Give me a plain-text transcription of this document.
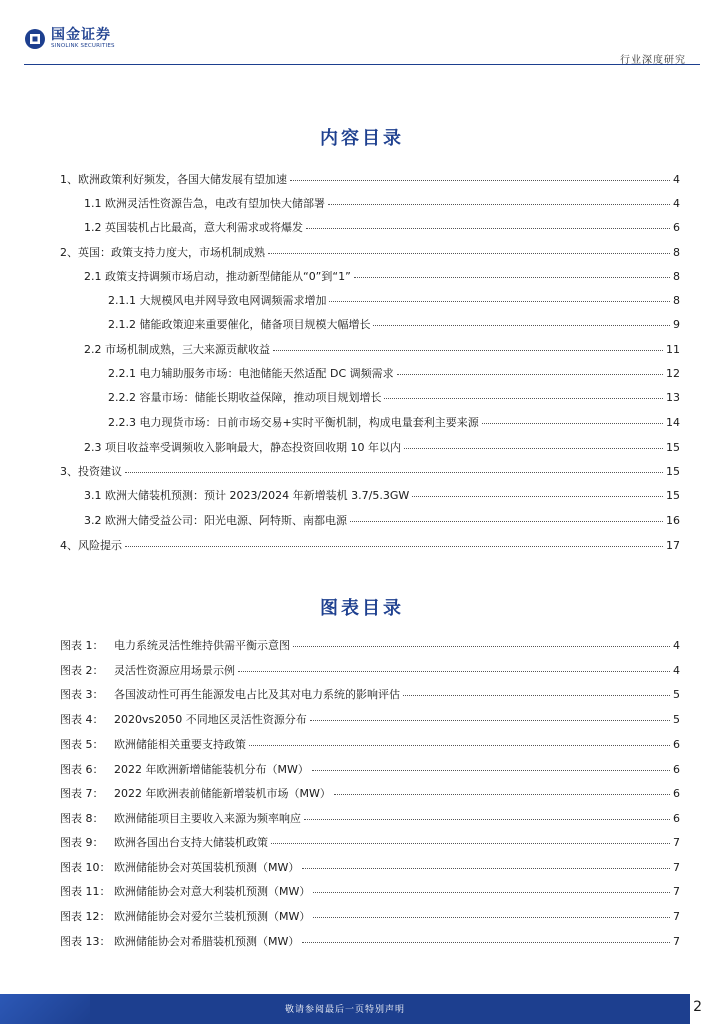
国金证券
SINOLINK SECURITIES
行业深度研究
内容目录
1、欧洲政策利好频发，各国大储发展有望加速	4
1.1 欧洲灵活性资源告急，电改有望加快大储部署	4
1.2 英国装机占比最高，意大利需求或将爆发	6
2、英国：政策支持力度大，市场机制成熟	8
2.1 政策支持调频市场启动，推动新型储能从“0”到“1”	8
2.1.1 大规模风电并网导致电网调频需求增加	8
2.1.2 储能政策迎来重要催化，储备项目规模大幅增长	9
2.2 市场机制成熟，三大来源贡献收益	11
2.2.1 电力辅助服务市场：电池储能天然适配 DC 调频需求	12
2.2.2 容量市场：储能长期收益保障，推动项目规划增长	13
2.2.3 电力现货市场：日前市场交易+实时平衡机制，构成电量套利主要来源	14
2.3 项目收益率受调频收入影响最大，静态投资回收期 10 年以内	15
3、投资建议	15
3.1 欧洲大储装机预测：预计 2023/2024 年新增装机 3.7/5.3GW	15
3.2 欧洲大储受益公司：阳光电源、阿特斯、南都电源	16
4、风险提示	17
图表目录
图表 1： 电力系统灵活性维持供需平衡示意图	4
图表 2： 灵活性资源应用场景示例	4
图表 3： 各国波动性可再生能源发电占比及其对电力系统的影响评估	5
图表 4： 2020vs2050 不同地区灵活性资源分布	5
图表 5： 欧洲储能相关重要支持政策	6
图表 6： 2022 年欧洲新增储能装机分布（MW）	6
图表 7： 2022 年欧洲表前储能新增装机市场（MW）	6
图表 8： 欧洲储能项目主要收入来源为频率响应	6
图表 9： 欧洲各国出台支持大储装机政策	7
图表 10： 欧洲储能协会对英国装机预测（MW）	7
图表 11： 欧洲储能协会对意大利装机预测（MW）	7
图表 12： 欧洲储能协会对爱尔兰装机预测（MW）	7
图表 13： 欧洲储能协会对希腊装机预测（MW）	7
敬请参阅最后一页特别声明	2
